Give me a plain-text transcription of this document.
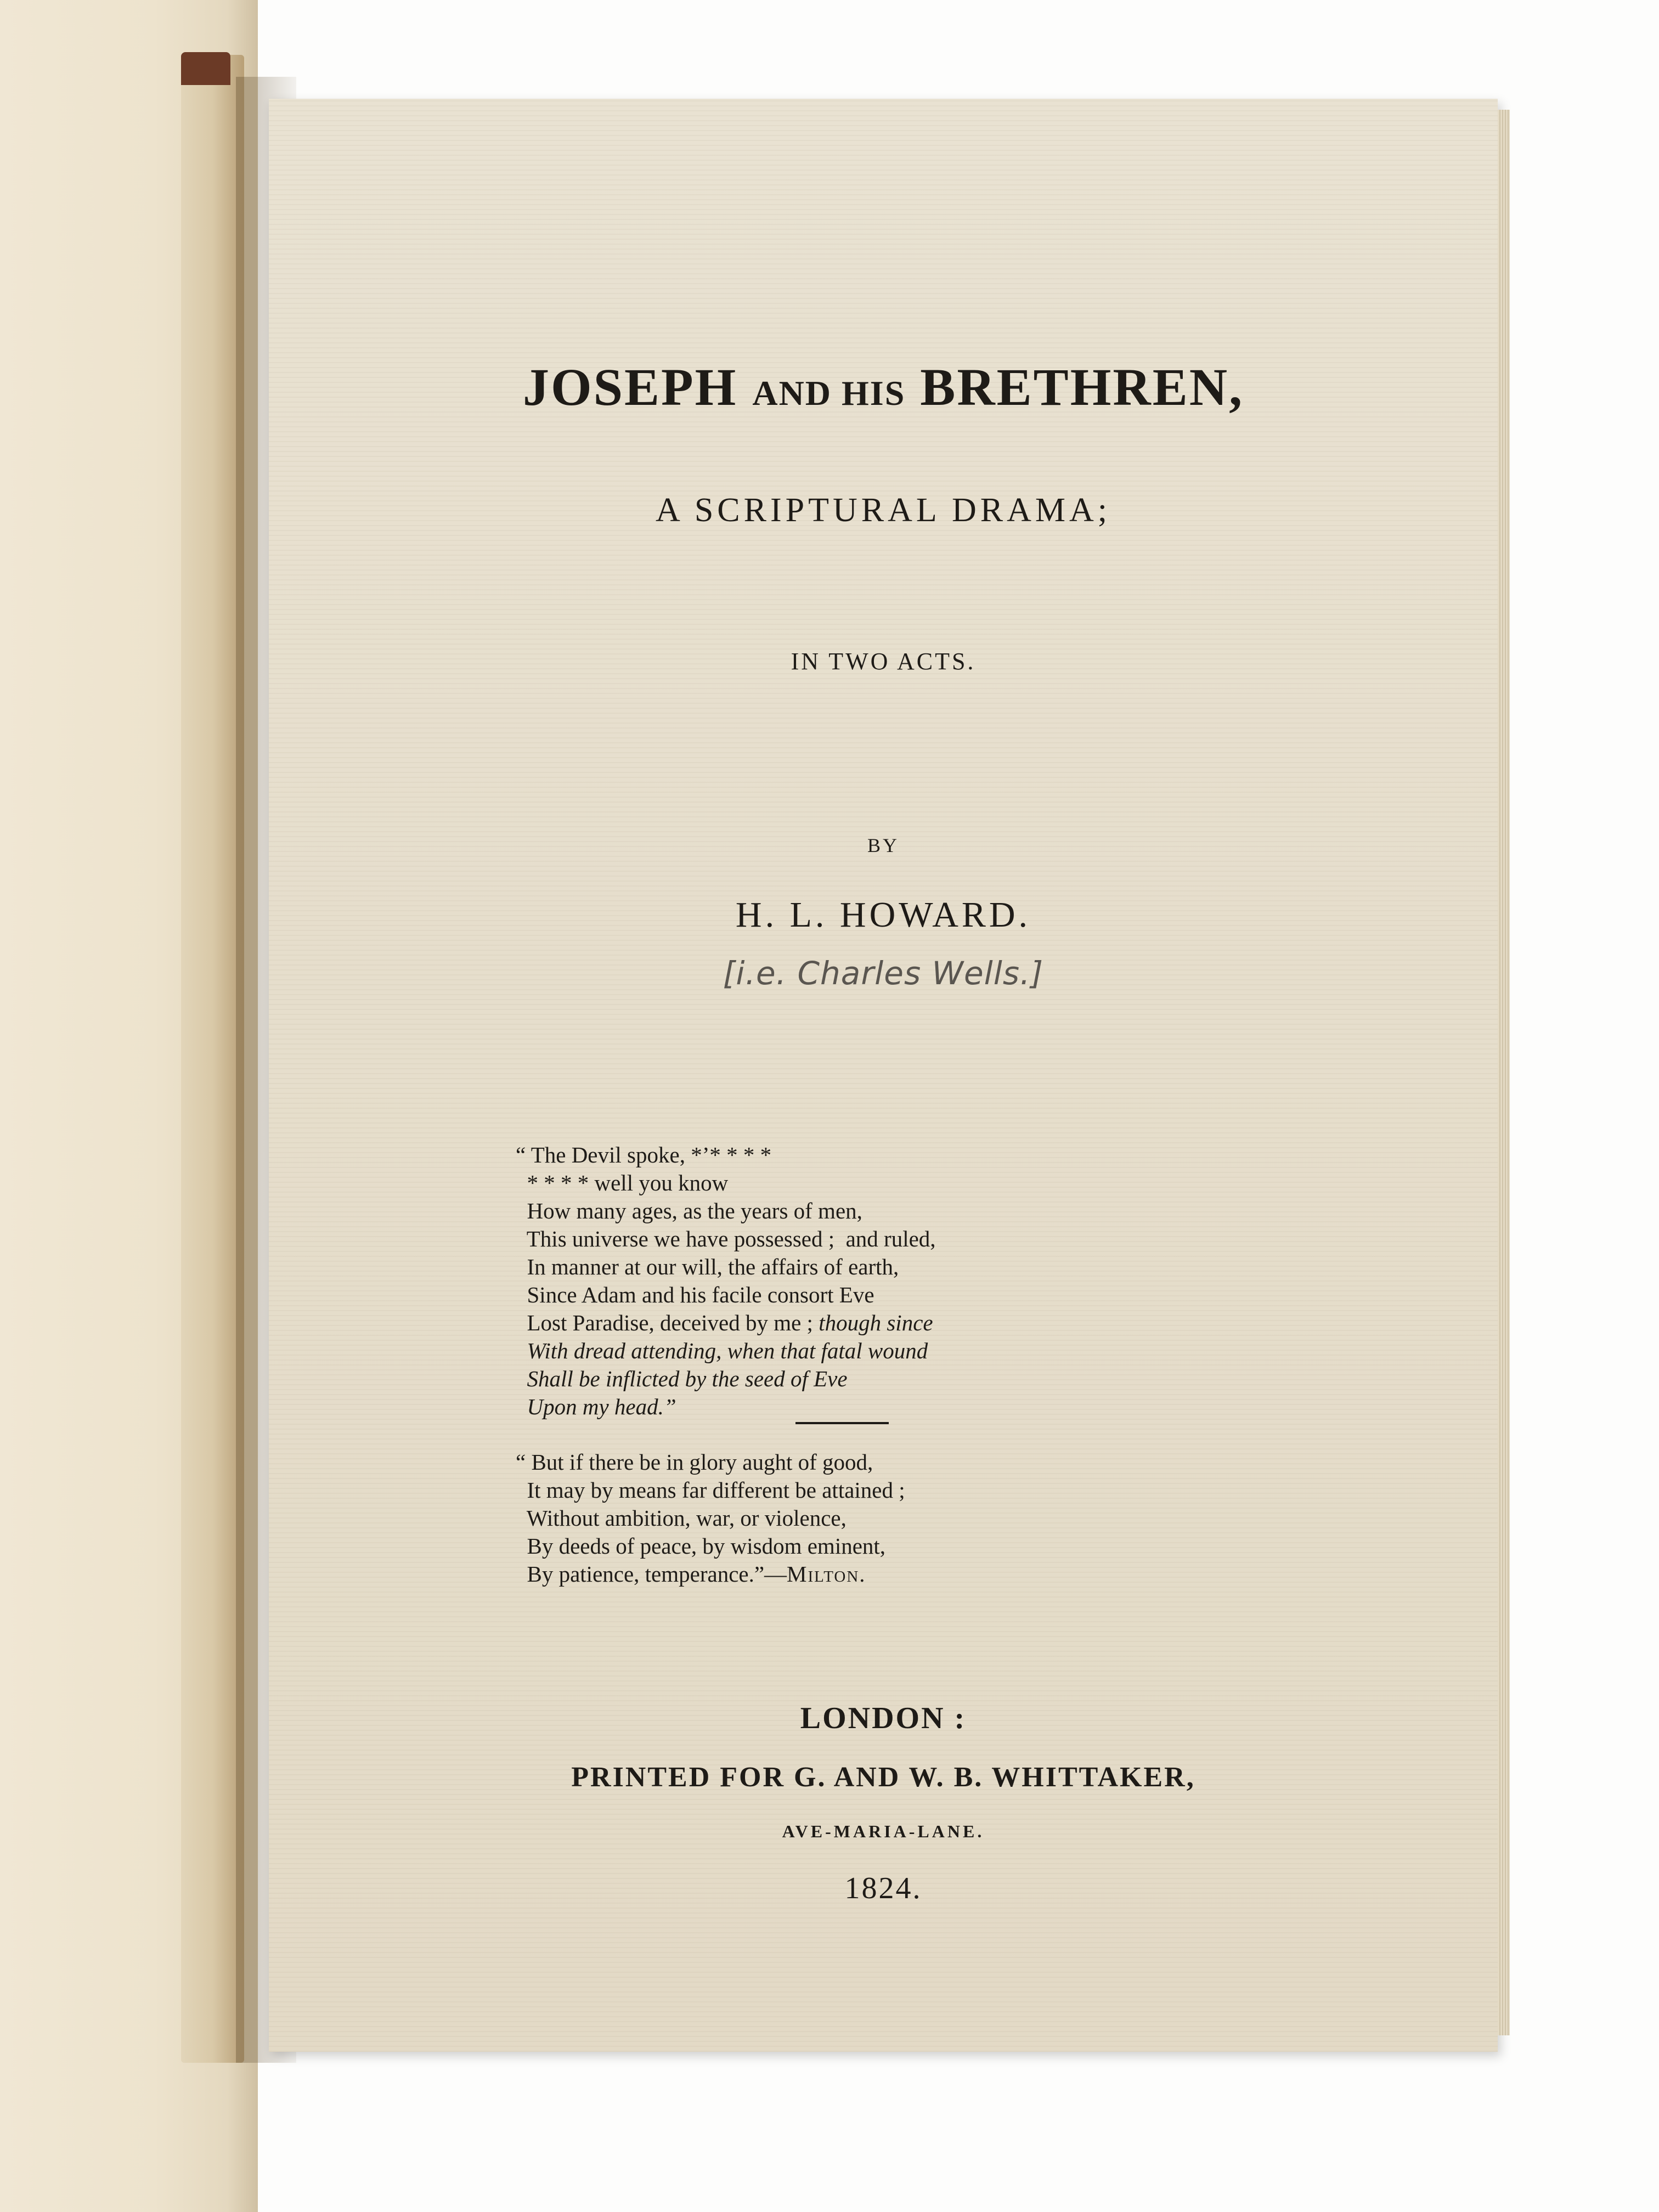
JOSEPH AND HIS BRETHREN,
A SCRIPTURAL DRAMA;
IN TWO ACTS.
BY
H. L. HOWARD.
[i.e. Charles Wells.]
“ The Devil spoke, *’* * * *
* * * * well you know
How many ages, as the years of men,
This universe we have possessed ;  and ruled,
In manner at our will, the affairs of earth,
Since Adam and his facile consort Eve
Lost Paradise, deceived by me ; though since
With dread attending, when that fatal wound
Shall be inflicted by the seed of Eve
Upon my head.”
“ But if there be in glory aught of good,
It may by means far different be attained ;
Without ambition, war, or violence,
By deeds of peace, by wisdom eminent,
By patience, temperance.”—Milton.
LONDON :
PRINTED FOR G. AND W. B. WHITTAKER,
AVE-MARIA-LANE.
1824.
